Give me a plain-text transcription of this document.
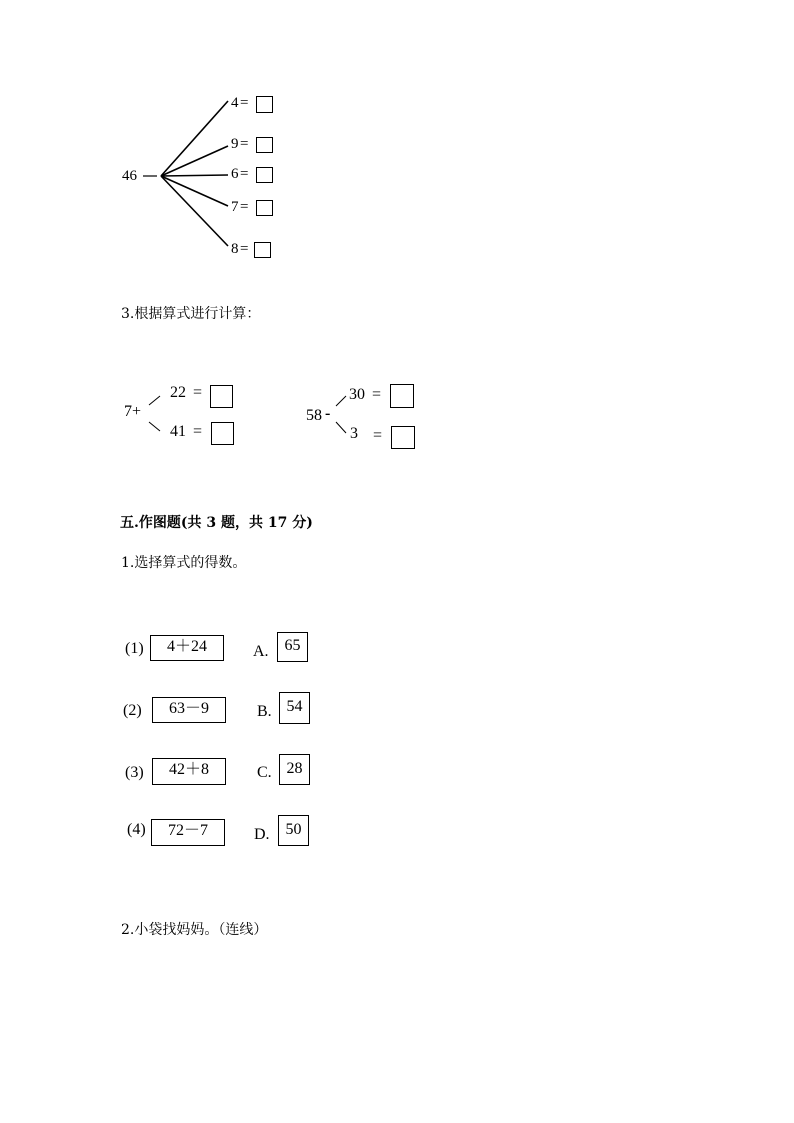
46
4 =
9 =
6 =
7 =
8 =
3.根据算式进行计算：
7+
22 =
41 =
58 -
30 =
3 =
五.作图题(共 3 题，共 17 分)
1.选择算式的得数。
(1)	4＋24	A. 65
(2)	63－9	B. 54
(3)	42＋8	C. 28
(4)	72－7	D. 50
2.小袋找妈妈。（连线）
